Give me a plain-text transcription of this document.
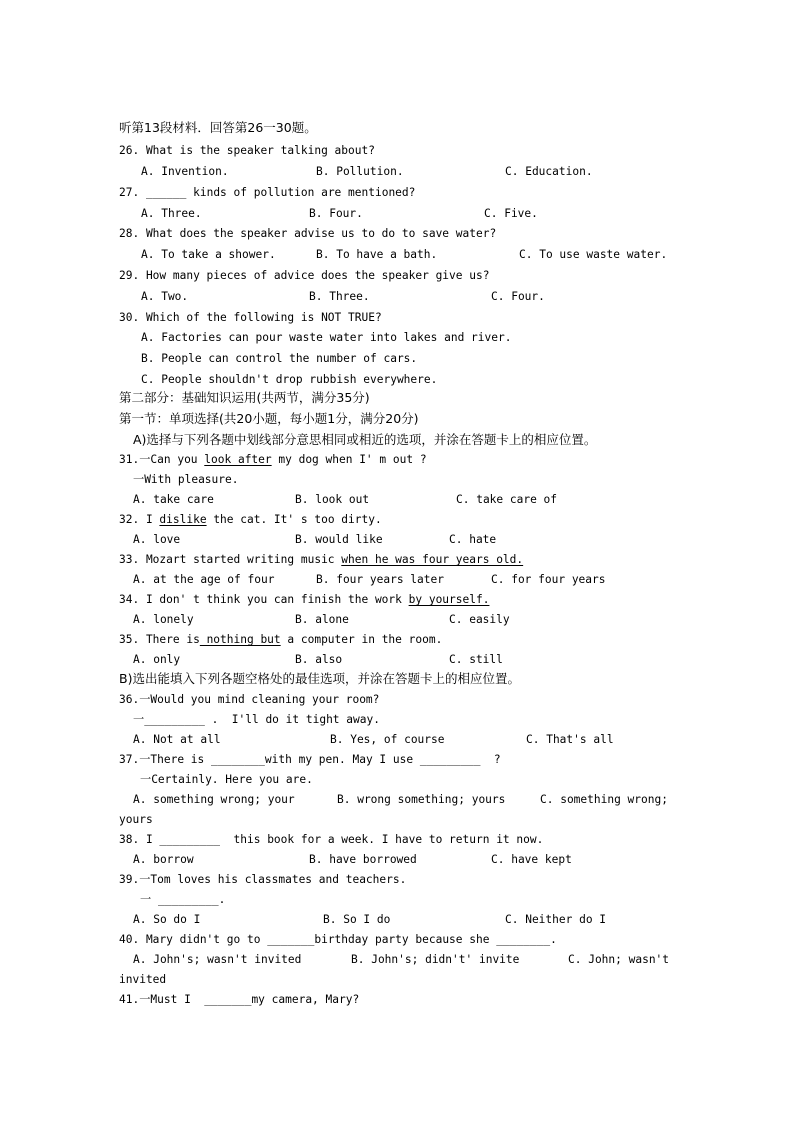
听第13段材料．回答第26一30题。
26. What is the speaker talking about?
A. Invention.	B. Pollution.	C. Education.
27. ______ kinds of pollution are mentioned?
A. Three.	B. Four.	C. Five.
28. What does the speaker advise us to do to save water?
A. To take a shower.	B. To have a bath.	C. To use waste water.
29. How many pieces of advice does the speaker give us?
A. Two.	B. Three.	C. Four.
30. Which of the following is NOT TRUE?
A. Factories can pour waste water into lakes and river.
B. People can control the number of cars.
C. People shouldn't drop rubbish everywhere.
第二部分：基础知识运用(共两节，满分35分)
第一节：单项选择(共20小题，每小题1分，满分20分)
A)选择与下列各题中划线部分意思相同或相近的选项，并涂在答题卡上的相应位置。
31.一Can you look after my dog when I' m out ?
一With pleasure.
A. take care	B. look out	C. take care of
32. I dislike the cat. It' s too dirty.
A. love	B. would like	C. hate
33. Mozart started writing music when he was four years old.
A. at the age of four	B. four years later	C. for four years
34. I don' t think you can finish the work by yourself.
A. lonely	B. alone	C. easily
35. There is nothing but a computer in the room.
A. only	B. also	C. still
B)选出能填入下列各题空格处的最佳选项，并涂在答题卡上的相应位置。
36.一Would you mind cleaning your room?
一_________ .  I'll do it tight away.
A. Not at all	B. Yes, of course	C. That's all
37.一There is ________with my pen. May I use _________  ?
一Certainly. Here you are.
A. something wrong; your	B. wrong something; yours	C. something wrong;
yours
38. I _________  this book for a week. I have to return it now.
A. borrow	B. have borrowed	C. have kept
39.一Tom loves his classmates and teachers.
一 _________.
A. So do I	B. So I do	C. Neither do I
40. Mary didn't go to _______birthday party because she ________.
A. John's; wasn't invited	B. John's; didn't' invite	C. John; wasn't
invited
41.一Must I  _______my camera, Mary?
